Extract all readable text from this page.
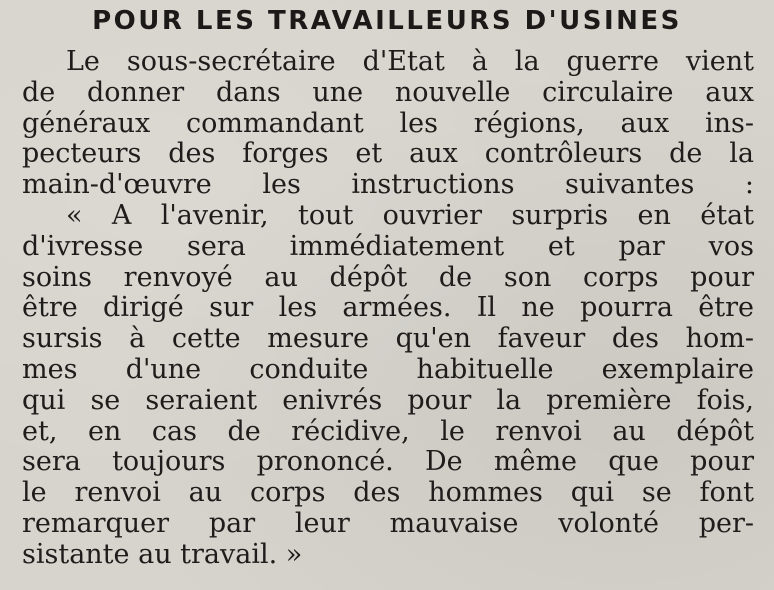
POUR LES TRAVAILLEURS D'USINES
Le sous-secrétaire d'Etat à la guerre vient
de donner dans une nouvelle circulaire aux
généraux commandant les régions, aux ins-
pecteurs des forges et aux contrôleurs de la
main-d'œuvre les instructions suivantes :
« A l'avenir, tout ouvrier surpris en état
d'ivresse sera immédiatement et par vos
soins renvoyé au dépôt de son corps pour
être dirigé sur les armées. Il ne pourra être
sursis à cette mesure qu'en faveur des hom-
mes d'une conduite habituelle exemplaire
qui se seraient enivrés pour la première fois,
et, en cas de récidive, le renvoi au dépôt
sera toujours prononcé. De même que pour
le renvoi au corps des hommes qui se font
remarquer par leur mauvaise volonté per-
sistante au travail. »
